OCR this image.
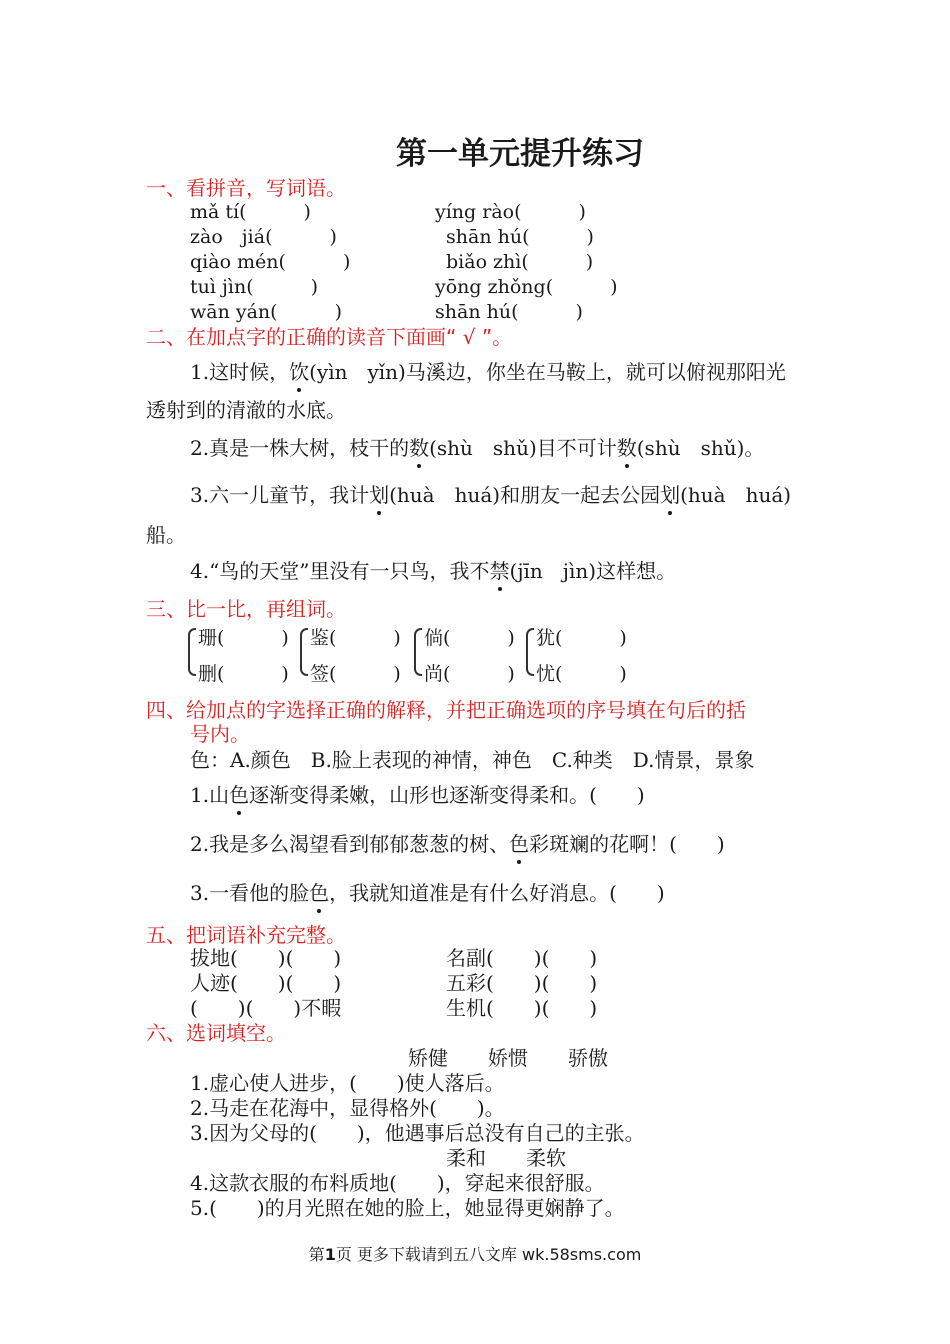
第一单元提升练习
一、看拼音，写词语。
mǎ tí(　　　)
zào　jiá(　　　)
qiào mén(　　　)
tuì jìn(　　　)
wān yán(　　　)
yíng rào(　　　)
shān hú(　　　)
biǎo zhì(　　　)
yōng zhǒng(　　　)
shān hú(　　　)
二、在加点字的正确的读音下面画“ √ ”。
1.这时候，饮(yìn　yǐn)马溪边，你坐在马鞍上，就可以俯视那阳光
透射到的清澈的水底。
2.真是一株大树，枝干的数(shù　shǔ)目不可计数(shù　shǔ)。
3.六一儿童节，我计划(huà　huá)和朋友一起去公园划(huà　huá)
船。
4.“鸟的天堂”里没有一只鸟，我不禁(jīn　jìn)这样想。
三、比一比，再组词。
珊(　　　)
删(　　　)
鉴(　　　)
签(　　　)
倘(　　　)
尚(　　　)
犹(　　　)
忧(　　　)
四、给加点的字选择正确的解释，并把正确选项的序号填在句后的括
号内。
色：A.颜色　B.脸上表现的神情，神色　C.种类　D.情景，景象
1.山色逐渐变得柔嫩，山形也逐渐变得柔和。(　　)
2.我是多么渴望看到郁郁葱葱的树、色彩斑斓的花啊！(　　)
3.一看他的脸色，我就知道准是有什么好消息。(　　)
五、把词语补充完整。
拔地(　　)(　　)
人迹(　　)(　　)
(　　)(　　)不暇
名副(　　)(　　)
五彩(　　)(　　)
生机(　　)(　　)
六、选词填空。
矫健　　娇惯　　骄傲
1.虚心使人进步，(　　)使人落后。
2.马走在花海中，显得格外(　　)。
3.因为父母的(　　)，他遇事后总没有自己的主张。
柔和　　柔软
4.这款衣服的布料质地(　　)，穿起来很舒服。
5.(　　)的月光照在她的脸上，她显得更娴静了。
第1页 更多下载请到五八文库 wk.58sms.com
